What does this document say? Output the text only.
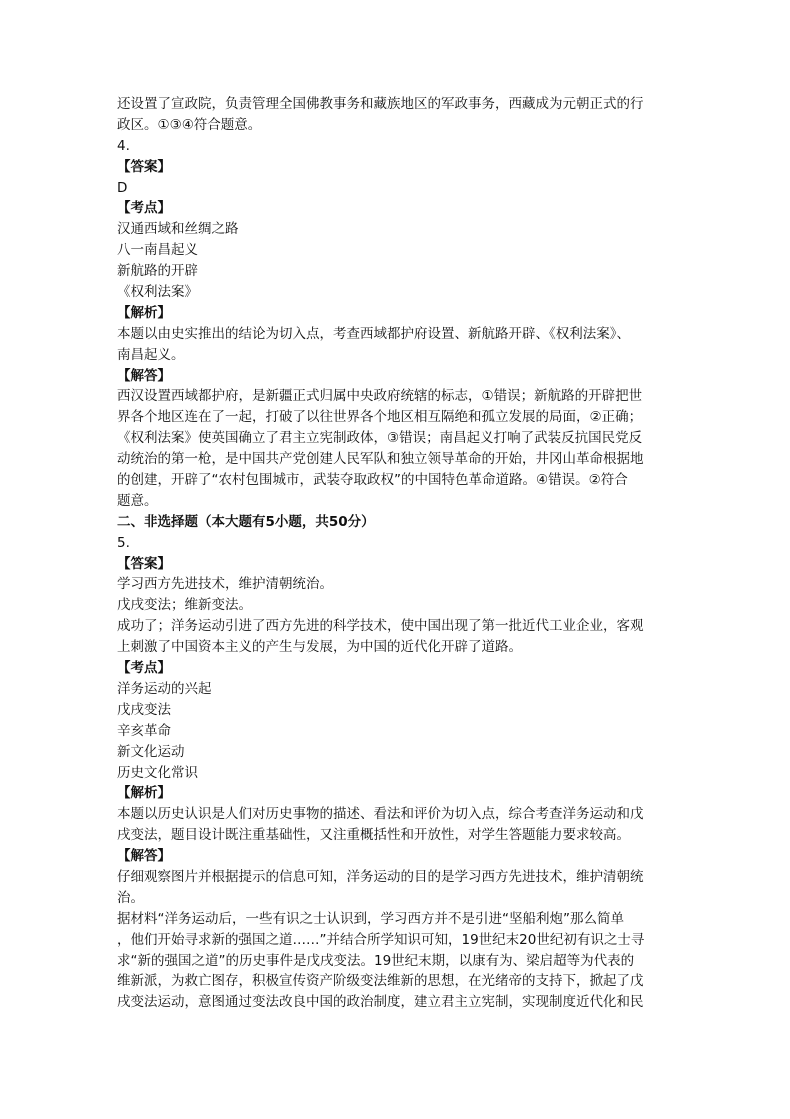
还设置了宣政院，负责管理全国佛教事务和藏族地区的军政事务，西藏成为元朝正式的行
政区。①③④符合题意。
4.
【答案】
D
【考点】
汉通西域和丝绸之路
八一南昌起义
新航路的开辟
《权利法案》
【解析】
本题以由史实推出的结论为切入点，考查西域都护府设置、新航路开辟、《权利法案》、
南昌起义。
【解答】
西汉设置西域都护府，是新疆正式归属中央政府统辖的标志，①错误；新航路的开辟把世
界各个地区连在了一起，打破了以往世界各个地区相互隔绝和孤立发展的局面，②正确；
《权利法案》使英国确立了君主立宪制政体，③错误；南昌起义打响了武装反抗国民党反
动统治的第一枪，是中国共产党创建人民军队和独立领导革命的开始，井冈山革命根据地
的创建，开辟了“农村包围城市，武装夺取政权”的中国特色革命道路。④错误。②符合
题意。
二、非选择题（本大题有5小题，共50分）
5.
【答案】
学习西方先进技术，维护清朝统治。
戊戌变法；维新变法。
成功了；洋务运动引进了西方先进的科学技术，使中国出现了第一批近代工业企业，客观
上刺激了中国资本主义的产生与发展，为中国的近代化开辟了道路。
【考点】
洋务运动的兴起
戊戌变法
辛亥革命
新文化运动
历史文化常识
【解析】
本题以历史认识是人们对历史事物的描述、看法和评价为切入点，综合考查洋务运动和戊
戌变法，题目设计既注重基础性，又注重概括性和开放性，对学生答题能力要求较高。
【解答】
仔细观察图片并根据提示的信息可知，洋务运动的目的是学习西方先进技术，维护清朝统
治。
据材料“洋务运动后，一些有识之士认识到，学习西方并不是引进“坚船利炮”那么简单
，他们开始寻求新的强国之道……”并结合所学知识可知，19世纪末20世纪初有识之士寻
求“新的强国之道”的历史事件是戊戌变法。19世纪末期，以康有为、梁启超等为代表的
维新派，为救亡图存，积极宣传资产阶级变法维新的思想，在光绪帝的支持下，掀起了戊
戌变法运动，意图通过变法改良中国的政治制度，建立君主立宪制，实现制度近代化和民
